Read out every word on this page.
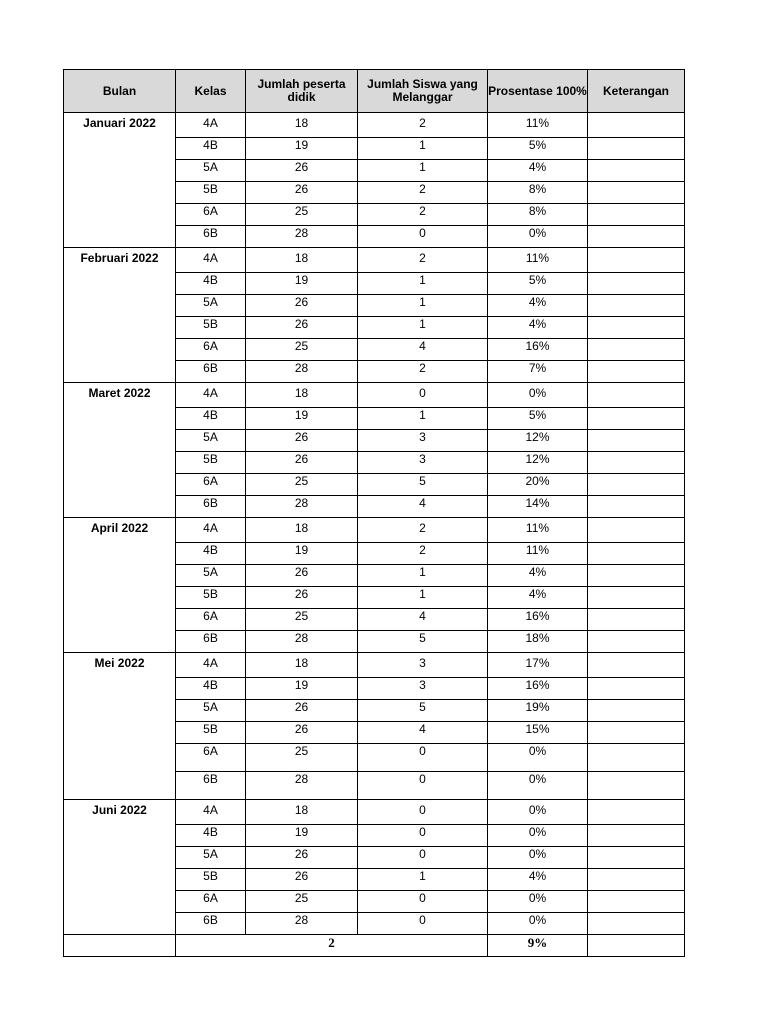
Bulan	Kelas	Jumlah peserta didik	Jumlah Siswa yang Melanggar	Prosentase 100%	Keterangan
Januari 2022	4A	18	2	11%	
	4B	19	1	5%	
	5A	26	1	4%	
	5B	26	2	8%	
	6A	25	2	8%	
	6B	28	0	0%	
Februari 2022	4A	18	2	11%	
	4B	19	1	5%	
	5A	26	1	4%	
	5B	26	1	4%	
	6A	25	4	16%	
	6B	28	2	7%	
Maret 2022	4A	18	0	0%	
	4B	19	1	5%	
	5A	26	3	12%	
	5B	26	3	12%	
	6A	25	5	20%	
	6B	28	4	14%	
April 2022	4A	18	2	11%	
	4B	19	2	11%	
	5A	26	1	4%	
	5B	26	1	4%	
	6A	25	4	16%	
	6B	28	5	18%	
Mei 2022	4A	18	3	17%	
	4B	19	3	16%	
	5A	26	5	19%	
	5B	26	4	15%	
	6A	25	0	0%	
	6B	28	0	0%	
Juni 2022	4A	18	0	0%	
	4B	19	0	0%	
	5A	26	0	0%	
	5B	26	1	4%	
	6A	25	0	0%	
	6B	28	0	0%	
	2			9%	
